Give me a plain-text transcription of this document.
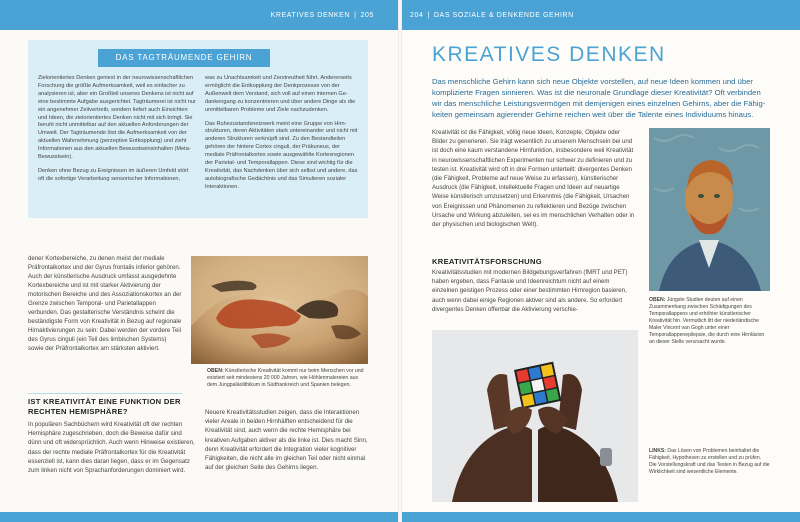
KREATIVES DENKEN | 205
DAS TAGTRÄUMENDE GEHIRN

Zielorientiertes Denken geniest in der neurowissenschaftlichen Forschung die größte Aufmerksamkeit, weil es einfacher zu analysieren ist, aber ein Großteil unseres Denkens ist nicht auf eine bestimmte Aufgabe ausgerichtet. Tagträumerei ist nicht nur ein angenehmer Zeitvertreib, sondern liefert auch Einsichten und Ideen, die zielorientiertes Denken nicht mit sich bringt. Sie beruht nicht unmittelbar auf den aktuellen Anforderungen der Umwelt. Der Tagträumende löst die Aufmerksamkeit von der aktuellen Wahrnehmung (perzeptive Entkopplung) und zieht Informationen aus den aktuellen Bewusstseinsinhalten (Meta-Bewusstsein).

Denken ohne Bezug zu Ereignissen im äußeren Umfeld stört oft die sofortige Verarbeitung sensorischer Informationen,

was zu Unachtsamkeit und Zerstreutheit führt. Andererseits ermöglicht die Entkopplung der Denkprozesse von der Außenwelt dem Verstand, sich voll auf einen internen Gedankengang zu konzentrieren und über andere Dinge als die unmittelbaren Probleme und Ziele nachzudenken.

Das Ruhezustandsnetzwerk meint eine Gruppe von Hirnstrukturen, deren Aktivitäten stark untereinander und nicht mit anderen Strukturen verknüpft sind. Zu den Bestandteilen gehören der hintere Cortex cinguli, der Präkuneus, der mediale Präfrontalkortex sowie ausgewählte Kortexregionen der Parietal- und Temporallappen. Diese sind wichtig für die Kreativität, das Nachdenken über sich selbst und andere, das autobiografische Gedächtnis und das Simulieren sozialer Interaktionen.

dener Kortexbereiche, zu denen meist der mediale Präfrontalkortex und der Gyrus frontalis inferior gehören. Auch der künstlerische Ausdruck umfasst ausgedehnte Kortexbereiche und ist mit starker Aktivierung der motorischen Bereiche und des Assoziationskortex an der Grenze zwischen Temporal- und Parietallappen verbunden. Das gestalterische Verständnis scheint die beständigste Form von Kreativität in Bezug auf regionale Hirnaktivierungen zu sein: Dabei werden der vordere Teil des Gyrus cinguli (ein Teil des limbischen Systems) sowie der Präfrontalkortex am stärksten aktiviert.
OBEN: Künstlerische Kreativität kommt nur beim Menschen vor und existiert seit mindestens 20 000 Jahren, wie Höhlenmalereien aus dem Jungpaläolithikum in Südfrankreich und Spanien belegen.
IST KREATIVITÄT EINE FUNKTION DER RECHTEN HEMISPHÄRE?
In populären Sachbüchern wird Kreativität oft der rechten Hemisphäre zugeschrieben, doch die Beweise dafür sind dünn und oft widersprüchlich. Auch wenn Hinweise existieren, dass der rechte mediale Präfrontalkortex für die Kreativität essenziell ist, kann dies daran liegen, dass er im Gegensatz zum linken nicht von Sprachanforderungen dominiert wird.
Neuere Kreativitätsstudien zeigen, dass die Interaktionen vieler Areale in beiden Hirnhälften entscheidend für die Kreativität sind, auch wenn die rechte Hemisphäre bei kreativen Aufgaben aktiver als die linke ist. Dies macht Sinn, denn Kreativität erfordert die Integration vieler kognitiver Fähigkeiten, die nicht alle im gleichen Teil oder nicht einmal auf der gleichen Seite des Gehirns liegen.
204 | DAS SOZIALE & DENKENDE GEHIRN
KREATIVES DENKEN
Das menschliche Gehirn kann sich neue Objekte vorstellen, auf neue Ideen kommen und über komplizierte Fragen sinnieren. Was ist die neuronale Grundlage dieser Kreativität? Oft verbinden wir das menschliche Leistungsvermögen mit demjenigen eines einzelnen Gehirns, aber die Fähigkeiten gemeinsam agierender Gehirne reichen weit über die Talente eines Individuums hinaus.
Kreativität ist die Fähigkeit, völlig neue Ideen, Konzepte, Objekte oder Bilder zu generieren. Sie trägt wesentlich zu unserem Menschsein bei und ist doch eine kaum verstandene Hirnfunktion, insbesondere weil Kreativität in neurowissenschaftlichen Experimenten nur schwer zu definieren und zu testen ist. Kreativität wird oft in drei Formen unterteilt: divergentes Denken (die Fähigkeit, Probleme auf neue Weise zu erfassen), künstlerischer Ausdruck (die Fähigkeit, intellektuelle Fragen und Ideen auf neuartige Weise künstlerisch umzusetzen) und Erkenntnis (die Fähigkeit, Ursachen von Ereignissen und Phänomenen zu reflektieren und Bezüge zwischen Ursache und Wirkung abzuleiten, sei es im menschlichen Verhalten oder in der physischen und biologischen Welt).
OBEN: Jüngste Studien deuten auf einen Zusammenhang zwischen Schädigungen des Temporallappens und erhöhter künstlerischer Kreativität hin. Vermutlich litt der niederländische Maler Vincent van Gogh unter einer Temporallappenepilepsie, die durch eine Hirnläsion an dieser Stelle verursacht wurde.
KREATIVITÄTSFORSCHUNG
Kreativitätsstudien mit modernen Bildgebungsverfahren (fMRT und PET) haben ergeben, dass Fantasie und Ideenreichtum nicht auf einem einzelnen geistigen Prozess oder einer bestimmten Hirnregion basieren, auch wenn dabei einige Regionen aktiver sind als andere. So erfordert divergentes Denken offenbar die Aktivierung verschie-
LINKS: Das Lösen von Problemen beinhaltet die Fähigkeit, Hypothesen zu erstellen und zu prüfen. Die Vorstellungskraft und das Testen in Bezug auf die Wirklichkeit sind wesentliche Elemente.
